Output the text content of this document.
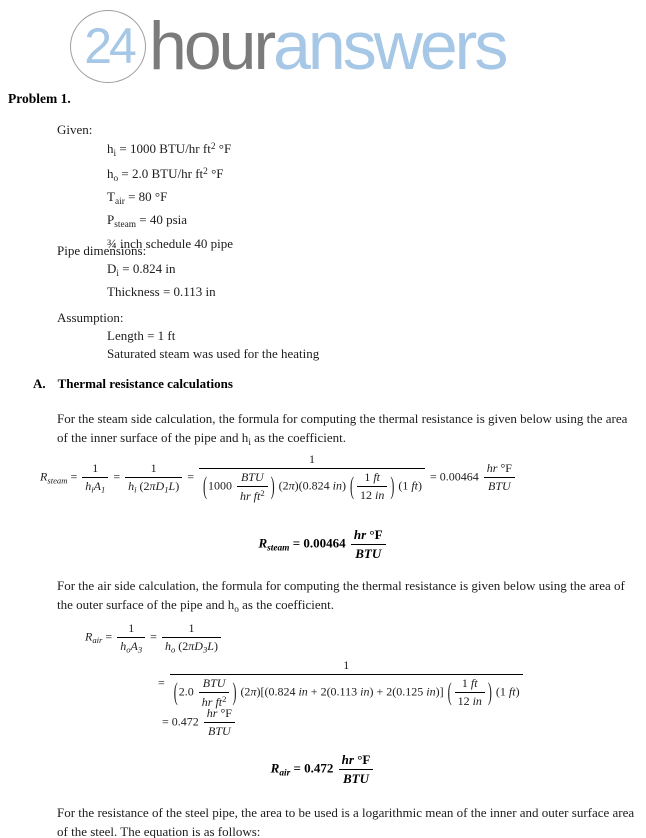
24 hour answers
Problem 1.
Given:
$h_i = 1000$ BTU/hr $ft^2$ °F
$h_o = 2.0$ BTU/hr $ft^2$ °F
$T_{air} = 80$ °F
$P_{steam} = 40$ psia
¾ inch schedule 40 pipe
Pipe dimensions:
$D_i = 0.824$ in
Thickness = 0.113 in
Assumption:
Length = 1 ft
Saturated steam was used for the heating
A. Thermal resistance calculations
For the steam side calculation, the formula for computing the thermal resistance is given below using the area of the inner surface of the pipe and $h_i$ as the coefficient.
$R_{steam} = \frac{1}{h_iA_1} = \frac{1}{h_i (2\pi D_1L)} = \frac{1}{(1000 \frac{\text{BTU}}{hr ft^2} ) (2\pi)(0.824 in) ( \frac{1 ft}{12 in} ) (1 ft)} = 0.00464 \frac{hr ^\circ F}{\text{BTU}}$
$R_{steam} = 0.00464 \frac{hr ^\circ F}{\text{BTU}}$
For the air side calculation, the formula for computing the thermal resistance is given below using the area of the outer surface of the pipe and $h_o$ as the coefficient.
$R_{air} = \frac{1}{h_oA_3} = \frac{1}{h_o (2\pi D_3L)}$
=
1
($2.0 \frac{\text{BTU}}{hr ft^2}$ ) (2π)[(0.824 in + 2(0.113 in) + 2(0.125 in)] ( $\frac{1 ft}{12 in}$ ) (1 ft)
= $0.472 \frac{hr ^\circ F}{\text{BTU}}$
$R_{air} = 0.472 \frac{hr ^\circ F}{\text{BTU}}$
For the resistance of the steel pipe, the area to be used is a logarithmic mean of the inner and outer surface area of the steel. The equation is as follows:
